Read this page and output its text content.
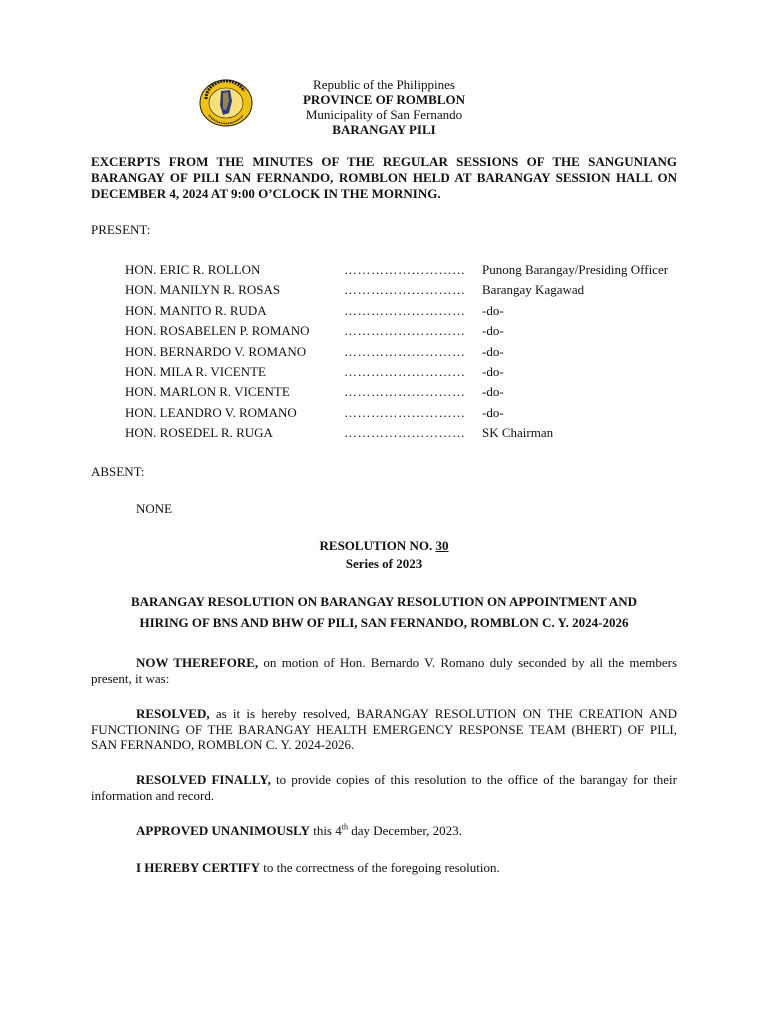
Republic of the Philippines
PROVINCE OF ROMBLON
Municipality of San Fernando
BARANGAY PILI
EXCERPTS FROM THE MINUTES OF THE REGULAR SESSIONS OF THE SANGUNIANG BARANGAY OF PILI SAN FERNANDO, ROMBLON HELD AT BARANGAY SESSION HALL ON DECEMBER 4, 2024 AT 9:00 O’CLOCK IN THE MORNING.
PRESENT:
HON. ERIC R. ROLLON	……………………… Punong Barangay/Presiding Officer
HON. MANILYN R. ROSAS	……………………… Barangay Kagawad
HON. MANITO R. RUDA	……………………… -do-
HON. ROSABELEN P. ROMANO	……………………… -do-
HON. BERNARDO V. ROMANO	……………………… -do-
HON. MILA R. VICENTE	……………………… -do-
HON. MARLON R. VICENTE	……………………… -do-
HON. LEANDRO V. ROMANO	……………………… -do-
HON. ROSEDEL R. RUGA	……………………… SK Chairman
ABSENT:
NONE
RESOLUTION NO. 30
Series of 2023
BARANGAY RESOLUTION ON BARANGAY RESOLUTION ON APPOINTMENT AND
HIRING OF BNS AND BHW OF PILI, SAN FERNANDO, ROMBLON C. Y. 2024-2026
NOW THEREFORE, on motion of Hon. Bernardo V. Romano duly seconded by all the members present, it was:
RESOLVED, as it is hereby resolved, BARANGAY RESOLUTION ON THE CREATION AND FUNCTIONING OF THE BARANGAY HEALTH EMERGENCY RESPONSE TEAM (BHERT) OF PILI, SAN FERNANDO, ROMBLON C. Y. 2024-2026.
RESOLVED FINALLY, to provide copies of this resolution to the office of the barangay for their information and record.
APPROVED UNANIMOUSLY this 4th day December, 2023.
I HEREBY CERTIFY to the correctness of the foregoing resolution.
